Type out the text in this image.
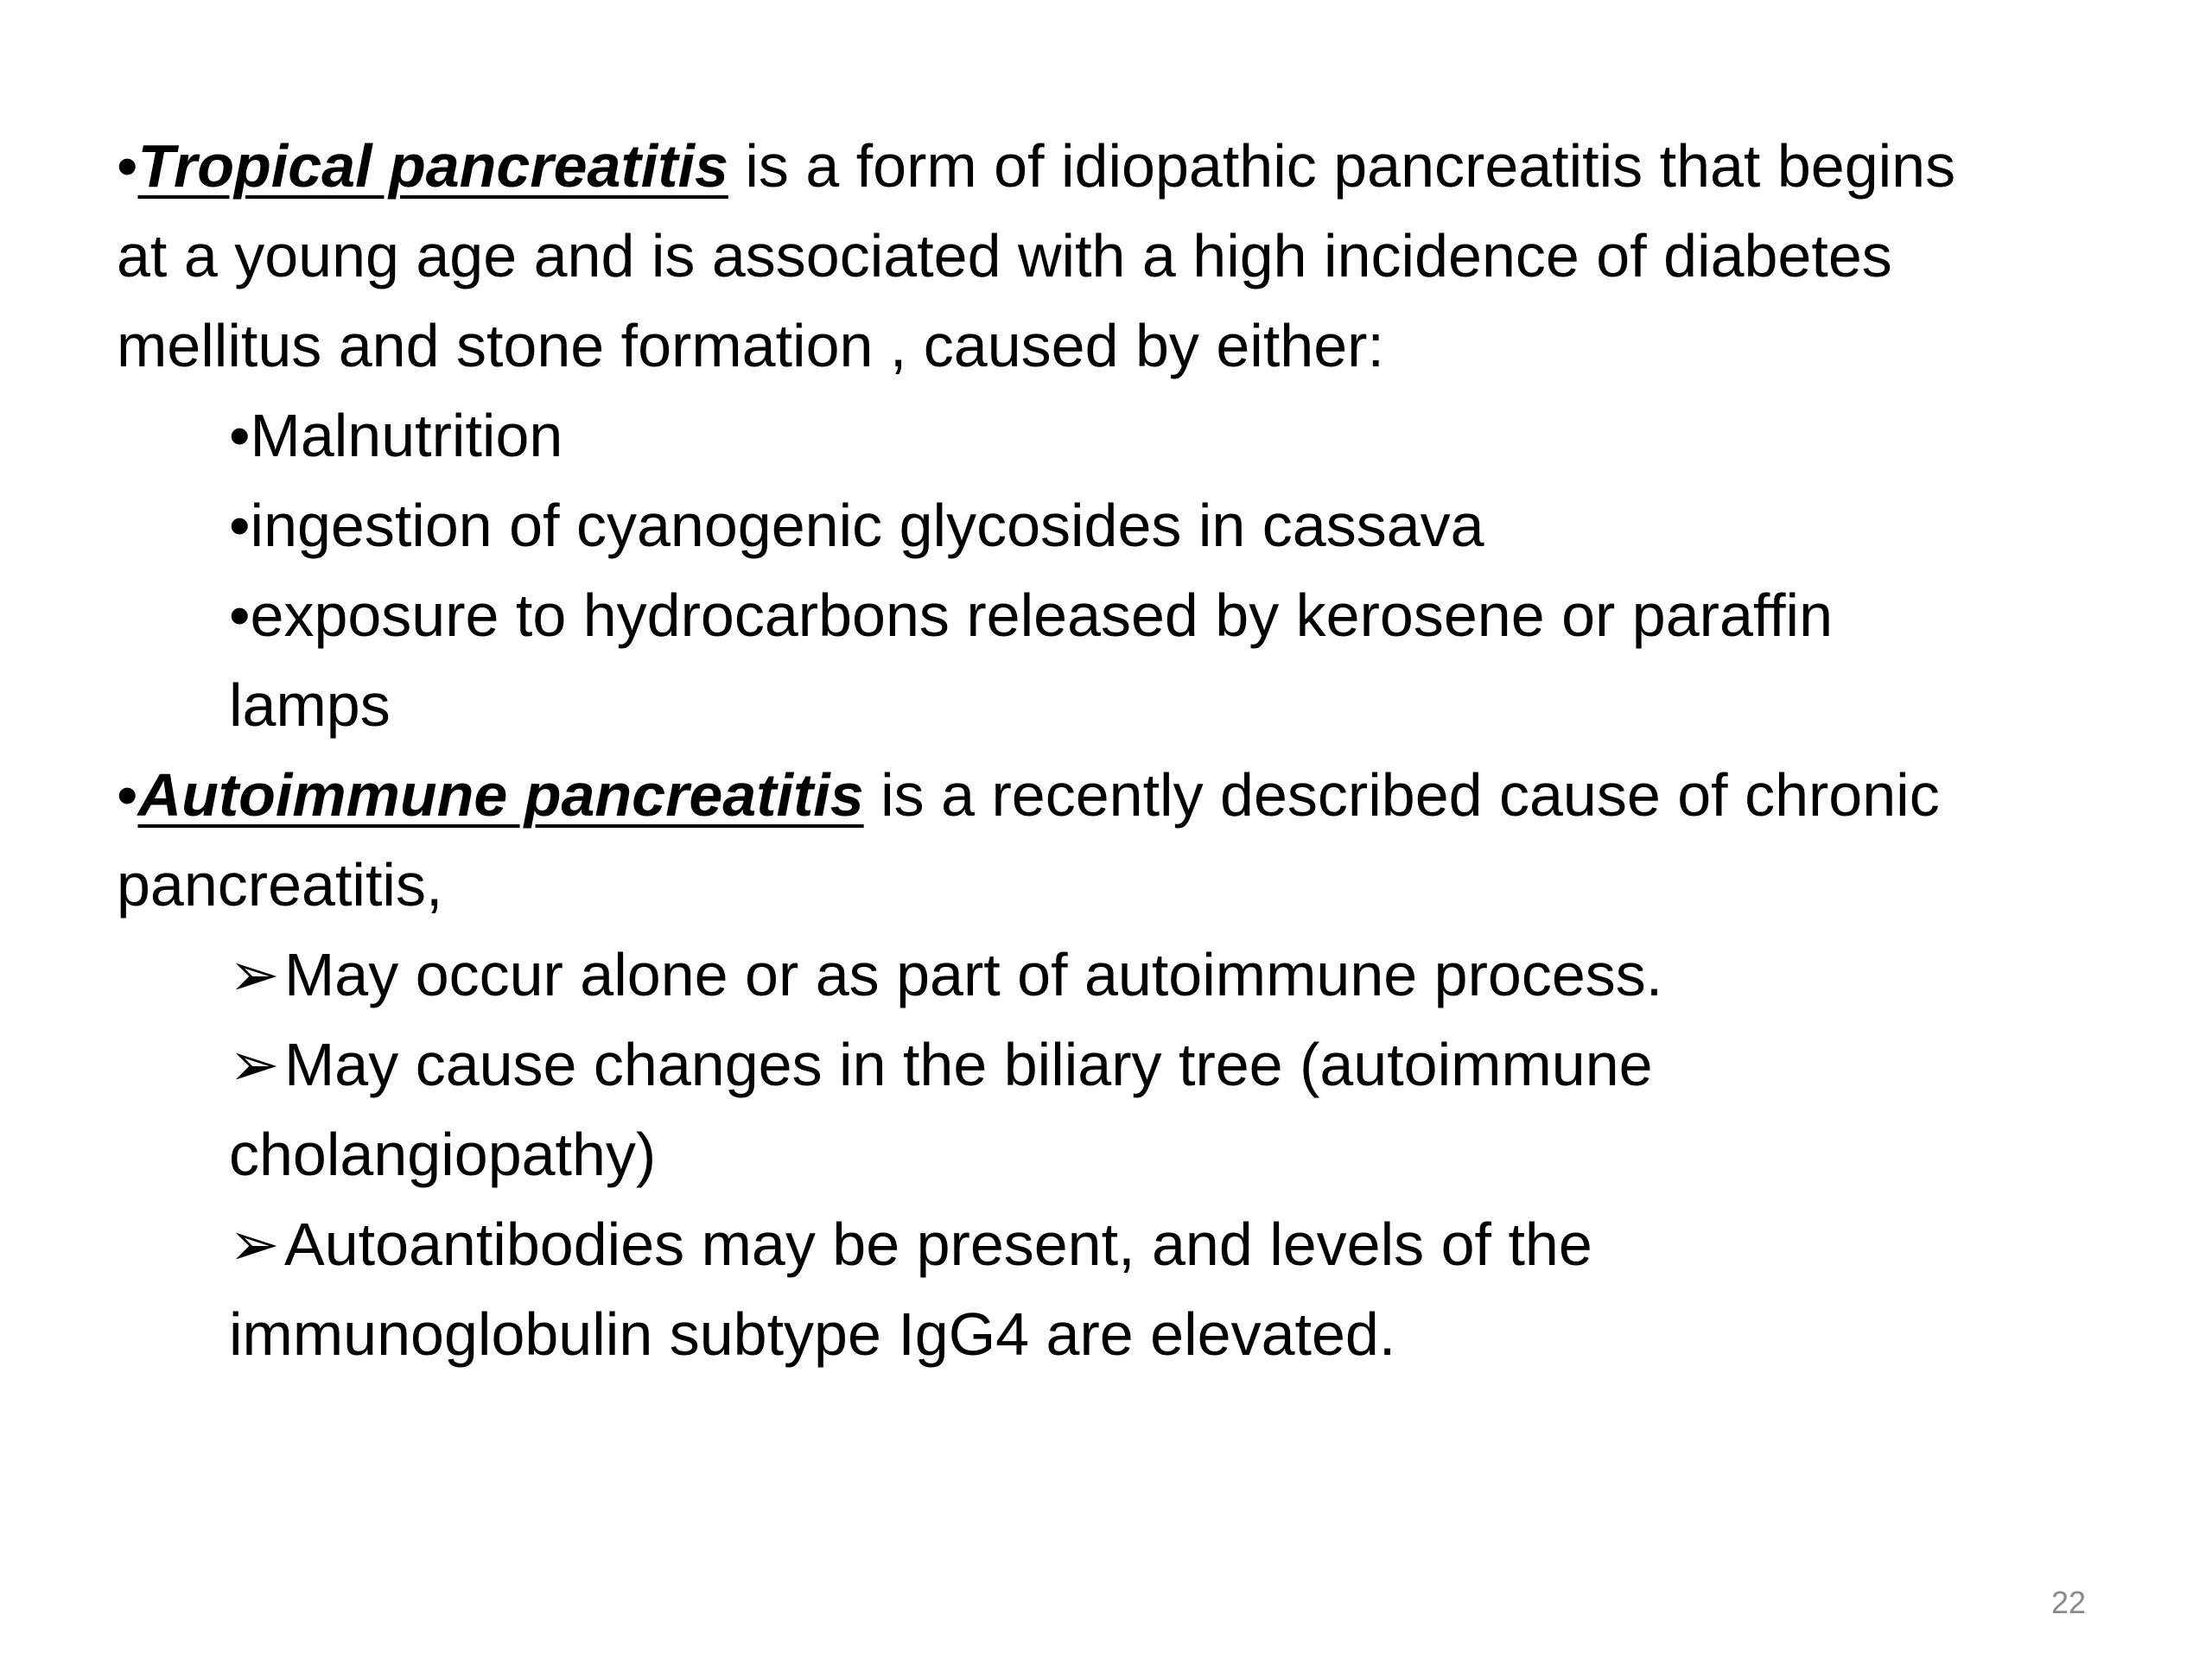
•Tropical pancreatitis is a form of idiopathic pancreatitis that begins

at a young age and is associated with a high incidence of diabetes

mellitus and stone formation , caused by either:

•Malnutrition

•ingestion of cyanogenic glycosides in cassava

•exposure to hydrocarbons released by kerosene or paraffin

lamps

•Autoimmune pancreatitis is a recently described cause of chronic

pancreatitis,

➢May occur alone or as part of autoimmune process.

➢May cause changes in the biliary tree (autoimmune

cholangiopathy)

➢Autoantibodies may be present, and levels of the

immunoglobulin subtype IgG4 are elevated.

22
